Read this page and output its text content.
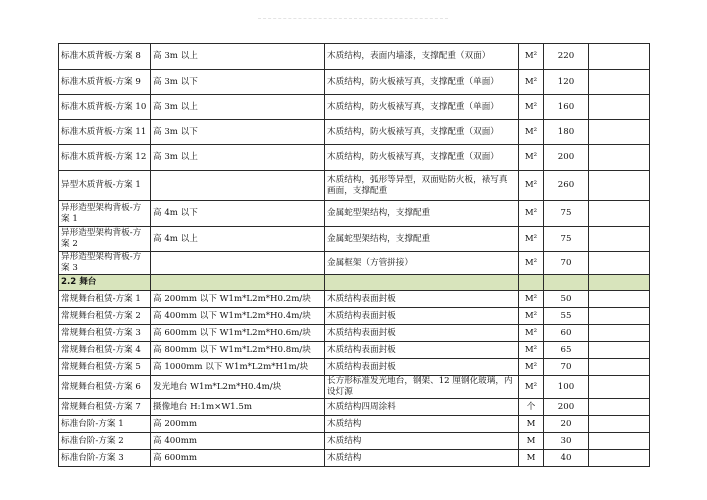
标准木质背板-方案 8	高 3m 以上	木质结构，表面内墙漆，支撑配重（双面）	M²	220	
标准木质背板-方案 9	高 3m 以下	木质结构，防火板裱写真，支撑配重（单面）	M²	120	
标准木质背板-方案 10	高 3m 以上	木质结构，防火板裱写真，支撑配重（单面）	M²	160	
标准木质背板-方案 11	高 3m 以下	木质结构，防火板裱写真，支撑配重（双面）	M²	180	
标准木质背板-方案 12	高 3m 以上	木质结构，防火板裱写真，支撑配重（双面）	M²	200	
异型木质背板-方案 1		木质结构，弧形等异型，双面贴防火板，裱写真画面，支撑配重	M²	260	
异形造型架构背板-方案 1	高 4m 以下	金属蛇型架结构，支撑配重	M²	75	
异形造型架构背板-方案 2	高 4m 以上	金属蛇型架结构，支撑配重	M²	75	
异形造型架构背板-方案 3		金属框架（方管拼接）	M²	70	
2.2 舞台					
常规舞台租赁-方案 1	高 200mm 以下 W1m*L2m*H0.2m/块	木质结构表面封板	M²	50	
常规舞台租赁-方案 2	高 400mm 以下 W1m*L2m*H0.4m/块	木质结构表面封板	M²	55	
常规舞台租赁-方案 3	高 600mm 以下 W1m*L2m*H0.6m/块	木质结构表面封板	M²	60	
常规舞台租赁-方案 4	高 800mm 以下 W1m*L2m*H0.8m/块	木质结构表面封板	M²	65	
常规舞台租赁-方案 5	高 1000mm 以下 W1m*L2m*H1m/块	木质结构表面封板	M²	70	
常规舞台租赁-方案 6	发光地台 W1m*L2m*H0.4m/块	长方形标准发光地台，钢架、12 厘钢化玻璃，内设灯源	M²	100	
常规舞台租赁-方案 7	摄像地台 H:1m×W1.5m	木质结构四周涂料	个	200	
标准台阶-方案 1	高 200mm	木质结构	M	20	
标准台阶-方案 2	高 400mm	木质结构	M	30	
标准台阶-方案 3	高 600mm	木质结构	M	40	
